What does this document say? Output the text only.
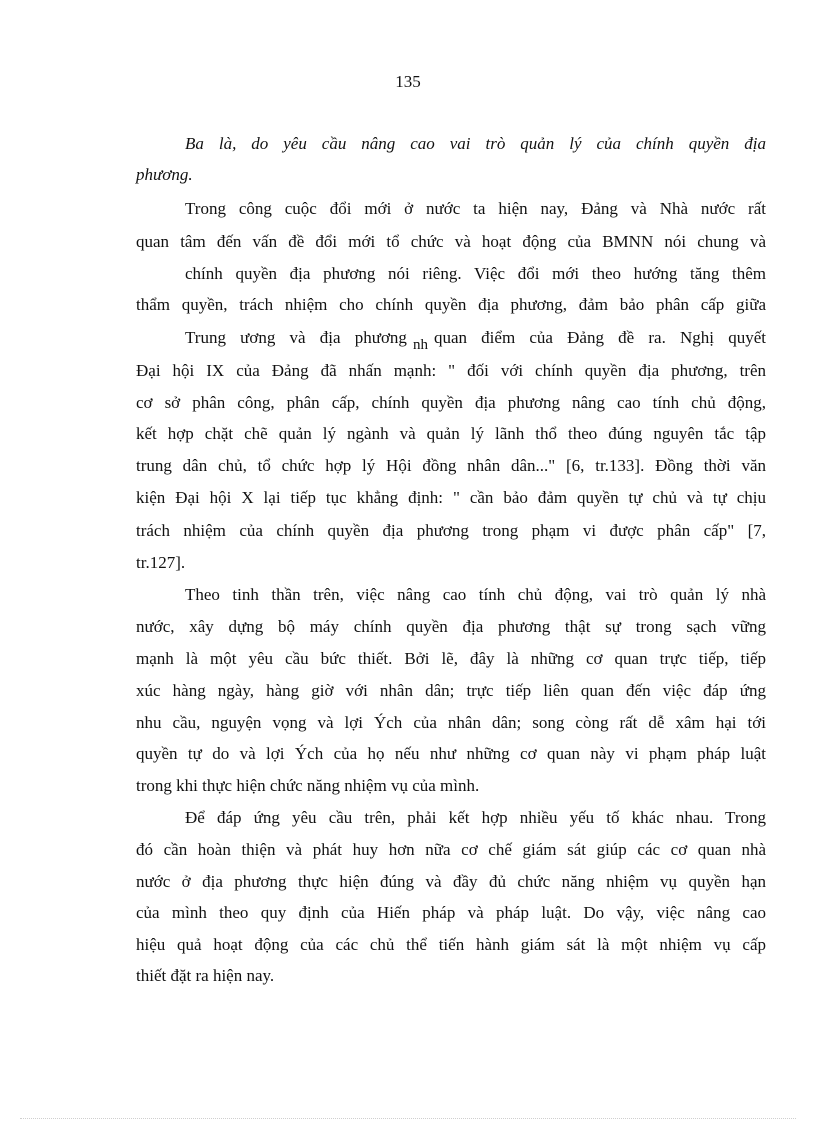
135
Ba là, do yêu cầu nâng cao vai trò quản lý của chính quyền địa
phương.
Trong công cuộc đổi mới ở nước ta hiện nay, Đảng và Nhà nước rất
quan tâm đến vấn đề đổi mới tổ chức và hoạt động của BMNN nói chung và
chính quyền địa phương nói riêng. Việc đổi mới theo hướng tăng thêm
thẩm quyền, trách nhiệm cho chính quyền địa phương, đảm bảo phân cấp giữa
Trung ương và địa phương nh quan điểm của Đảng đề ra. Nghị quyết
Đại hội IX của Đảng đã nhấn mạnh: " đối với chính quyền địa phương, trên
cơ sở phân công, phân cấp, chính quyền địa phương nâng cao tính chủ động,
kết hợp chặt chẽ quản lý ngành và quản lý lãnh thổ theo đúng nguyên tắc tập
trung dân chủ, tổ chức hợp lý Hội đồng nhân dân..." [6, tr.133]. Đồng thời văn
kiện Đại hội X lại tiếp tục khẳng định: " cần bảo đảm quyền tự chủ và tự chịu
trách nhiệm của chính quyền địa phương trong phạm vi được phân cấp" [7,
tr.127].
Theo tinh thần trên, việc nâng cao tính chủ động, vai trò quản lý nhà
nước, xây dựng bộ máy chính quyền địa phương thật sự trong sạch vững
mạnh là một yêu cầu bức thiết. Bởi lẽ, đây là những cơ quan trực tiếp, tiếp
xúc hàng ngày, hàng giờ với nhân dân; trực tiếp liên quan đến việc đáp ứng
nhu cầu, nguyện vọng và lợi Ých của nhân dân; song còng rất dễ xâm hại tới
quyền tự do và lợi Ých của họ nếu như những cơ quan này vi phạm pháp luật
trong khi thực hiện chức năng nhiệm vụ của mình.
Để đáp ứng yêu cầu trên, phải kết hợp nhiều yếu tố khác nhau. Trong
đó cần hoàn thiện và phát huy hơn nữa cơ chế giám sát giúp các cơ quan nhà
nước ở địa phương thực hiện đúng và đầy đủ chức năng nhiệm vụ quyền hạn
của mình theo quy định của Hiến pháp và pháp luật. Do vậy, việc nâng cao
hiệu quả hoạt động của các chủ thể tiến hành giám sát là một nhiệm vụ cấp
thiết đặt ra hiện nay.
